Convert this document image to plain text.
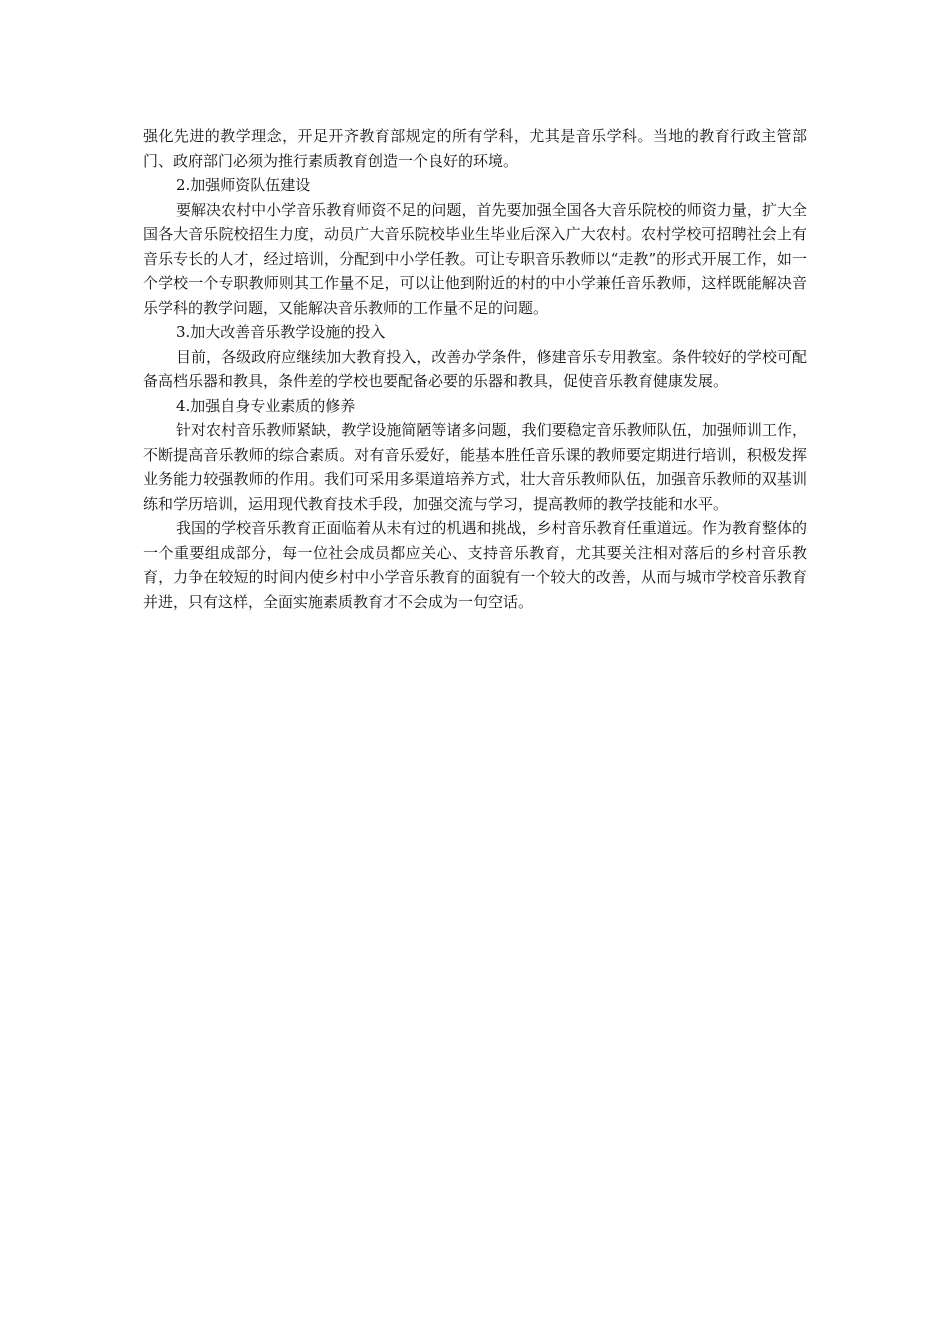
强化先进的教学理念，开足开齐教育部规定的所有学科，尤其是音乐学科。当地的教育行政主管部门、政府部门必须为推行素质教育创造一个良好的环境。

2.加强师资队伍建设

要解决农村中小学音乐教育师资不足的问题，首先要加强全国各大音乐院校的师资力量，扩大全国各大音乐院校招生力度，动员广大音乐院校毕业生毕业后深入广大农村。农村学校可招聘社会上有音乐专长的人才，经过培训，分配到中小学任教。可让专职音乐教师以“走教”的形式开展工作，如一个学校一个专职教师则其工作量不足，可以让他到附近的村的中小学兼任音乐教师，这样既能解决音乐学科的教学问题，又能解决音乐教师的工作量不足的问题。

3.加大改善音乐教学设施的投入

目前，各级政府应继续加大教育投入，改善办学条件，修建音乐专用教室。条件较好的学校可配备高档乐器和教具，条件差的学校也要配备必要的乐器和教具，促使音乐教育健康发展。

4.加强自身专业素质的修养

针对农村音乐教师紧缺，教学设施简陋等诸多问题，我们要稳定音乐教师队伍，加强师训工作，不断提高音乐教师的综合素质。对有音乐爱好，能基本胜任音乐课的教师要定期进行培训，积极发挥业务能力较强教师的作用。我们可采用多渠道培养方式，壮大音乐教师队伍，加强音乐教师的双基训练和学历培训，运用现代教育技术手段，加强交流与学习，提高教师的教学技能和水平。

我国的学校音乐教育正面临着从未有过的机遇和挑战，乡村音乐教育任重道远。作为教育整体的一个重要组成部分，每一位社会成员都应关心、支持音乐教育，尤其要关注相对落后的乡村音乐教育，力争在较短的时间内使乡村中小学音乐教育的面貌有一个较大的改善，从而与城市学校音乐教育并进，只有这样，全面实施素质教育才不会成为一句空话。
